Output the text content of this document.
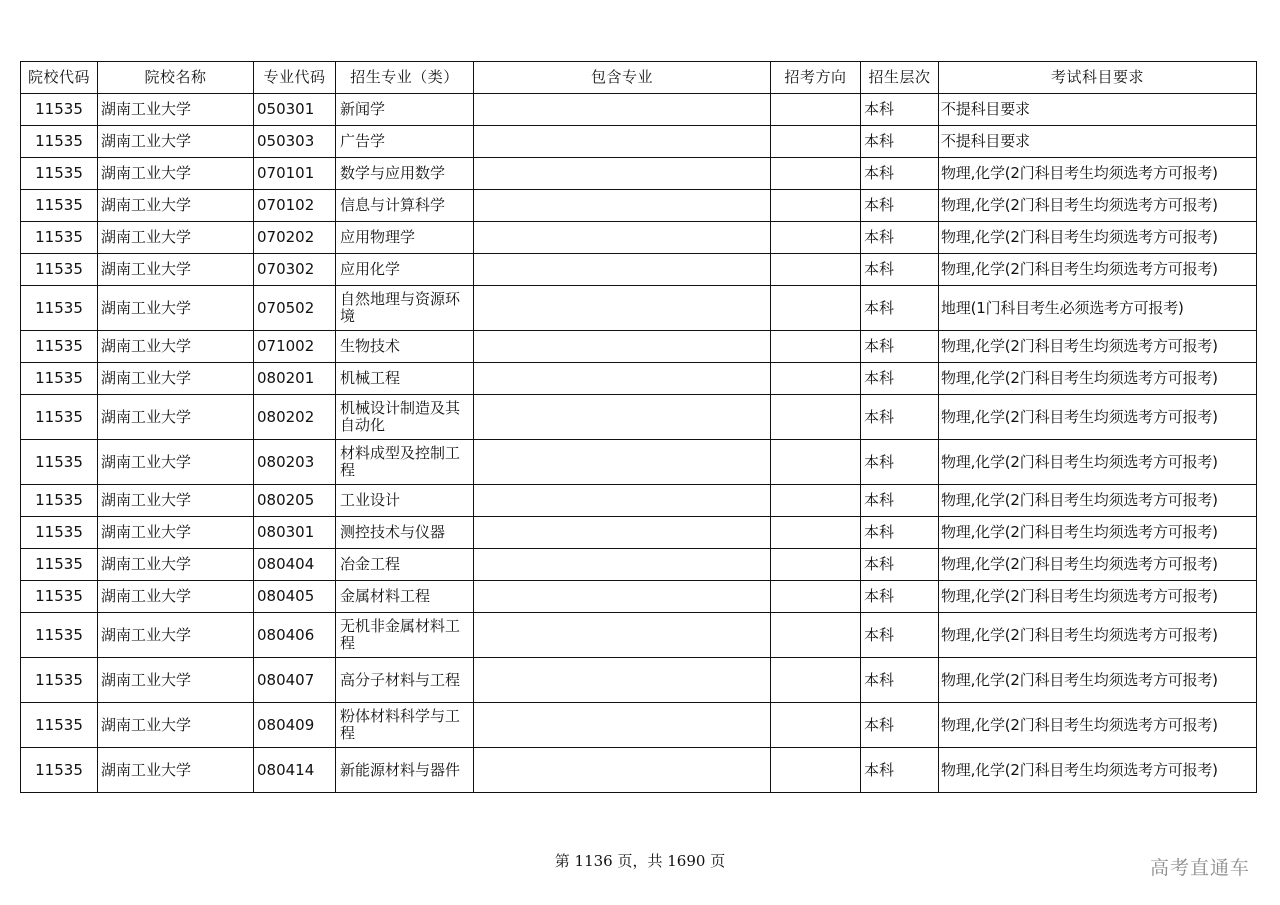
院校代码	院校名称	专业代码	招生专业（类）	包含专业	招考方向	招生层次	考试科目要求
11535	湖南工业大学	050301	新闻学			本科	不提科目要求
11535	湖南工业大学	050303	广告学			本科	不提科目要求
11535	湖南工业大学	070101	数学与应用数学			本科	物理,化学(2门科目考生均须选考方可报考)
11535	湖南工业大学	070102	信息与计算科学			本科	物理,化学(2门科目考生均须选考方可报考)
11535	湖南工业大学	070202	应用物理学			本科	物理,化学(2门科目考生均须选考方可报考)
11535	湖南工业大学	070302	应用化学			本科	物理,化学(2门科目考生均须选考方可报考)
11535	湖南工业大学	070502	自然地理与资源环境			本科	地理(1门科目考生必须选考方可报考)
11535	湖南工业大学	071002	生物技术			本科	物理,化学(2门科目考生均须选考方可报考)
11535	湖南工业大学	080201	机械工程			本科	物理,化学(2门科目考生均须选考方可报考)
11535	湖南工业大学	080202	机械设计制造及其自动化			本科	物理,化学(2门科目考生均须选考方可报考)
11535	湖南工业大学	080203	材料成型及控制工程			本科	物理,化学(2门科目考生均须选考方可报考)
11535	湖南工业大学	080205	工业设计			本科	物理,化学(2门科目考生均须选考方可报考)
11535	湖南工业大学	080301	测控技术与仪器			本科	物理,化学(2门科目考生均须选考方可报考)
11535	湖南工业大学	080404	冶金工程			本科	物理,化学(2门科目考生均须选考方可报考)
11535	湖南工业大学	080405	金属材料工程			本科	物理,化学(2门科目考生均须选考方可报考)
11535	湖南工业大学	080406	无机非金属材料工程			本科	物理,化学(2门科目考生均须选考方可报考)
11535	湖南工业大学	080407	高分子材料与工程			本科	物理,化学(2门科目考生均须选考方可报考)
11535	湖南工业大学	080409	粉体材料科学与工程			本科	物理,化学(2门科目考生均须选考方可报考)
11535	湖南工业大学	080414	新能源材料与器件			本科	物理,化学(2门科目考生均须选考方可报考)
第 1136 页，共 1690 页	高考直通车
